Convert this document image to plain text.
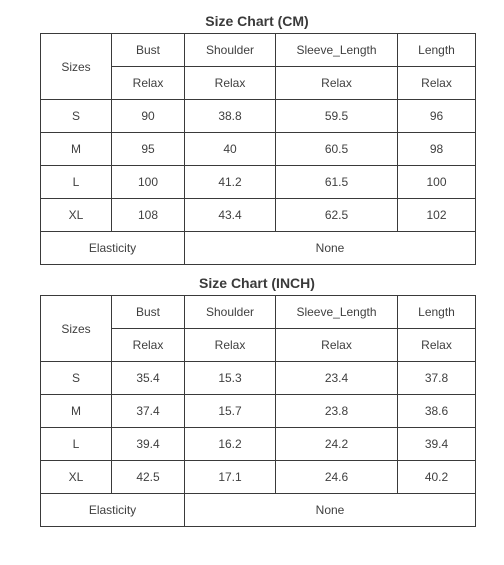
Size Chart (CM)
Sizes	Bust	Shoulder	Sleeve_Length	Length
	Relax	Relax	Relax	Relax
S	90	38.8	59.5	96
M	95	40	60.5	98
L	100	41.2	61.5	100
XL	108	43.4	62.5	102
Elasticity		None		
Size Chart (INCH)
Sizes	Bust	Shoulder	Sleeve_Length	Length
	Relax	Relax	Relax	Relax
S	35.4	15.3	23.4	37.8
M	37.4	15.7	23.8	38.6
L	39.4	16.2	24.2	39.4
XL	42.5	17.1	24.6	40.2
Elasticity		None		
